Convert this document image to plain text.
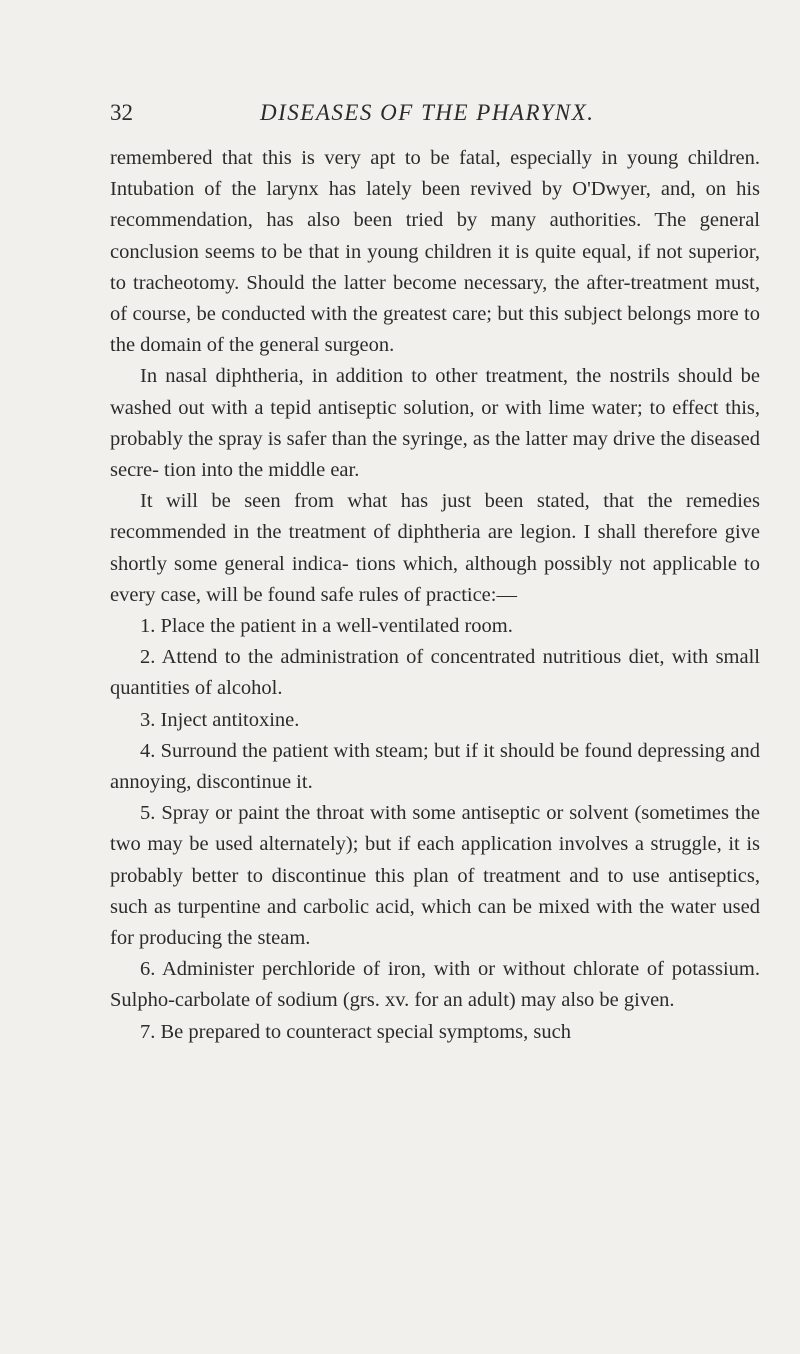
32	DISEASES OF THE PHARYNX.

remembered that this is very apt to be fatal, especially in young children. Intubation of the larynx has lately been revived by O'Dwyer, and, on his recommendation, has also been tried by many authorities. The general conclusion seems to be that in young children it is quite equal, if not superior, to tracheotomy. Should the latter become necessary, the after-treatment must, of course, be conducted with the greatest care; but this subject belongs more to the domain of the general surgeon.

In nasal diphtheria, in addition to other treatment, the nostrils should be washed out with a tepid antiseptic solution, or with lime water; to effect this, probably the spray is safer than the syringe, as the latter may drive the diseased secre- tion into the middle ear.

It will be seen from what has just been stated, that the remedies recommended in the treatment of diphtheria are legion. I shall therefore give shortly some general indica- tions which, although possibly not applicable to every case, will be found safe rules of practice:—

1. Place the patient in a well-ventilated room.

2. Attend to the administration of concentrated nutritious diet, with small quantities of alcohol.

3. Inject antitoxine.

4. Surround the patient with steam; but if it should be found depressing and annoying, discontinue it.

5. Spray or paint the throat with some antiseptic or solvent (sometimes the two may be used alternately); but if each application involves a struggle, it is probably better to discontinue this plan of treatment and to use antiseptics, such as turpentine and carbolic acid, which can be mixed with the water used for producing the steam.

6. Administer perchloride of iron, with or without chlorate of potassium. Sulpho-carbolate of sodium (grs. xv. for an adult) may also be given.

7. Be prepared to counteract special symptoms, such
